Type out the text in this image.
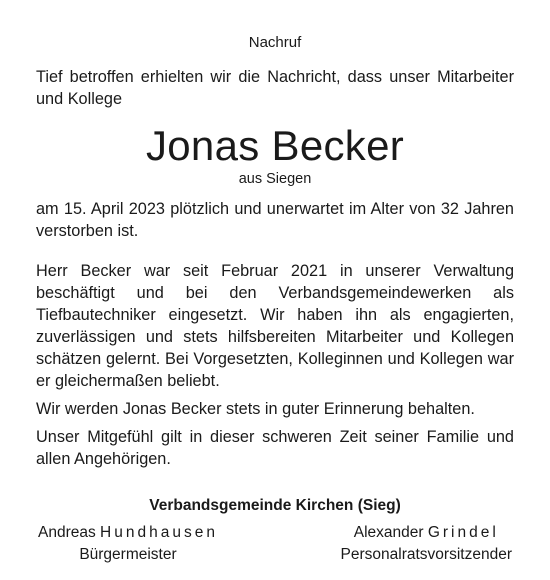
Nachruf

Tief betroffen erhielten wir die Nachricht, dass unser Mitarbeiter und Kollege

Jonas Becker

aus Siegen

am 15. April 2023 plötzlich und unerwartet im Alter von 32 Jahren verstorben ist.

Herr Becker war seit Februar 2021 in unserer Verwaltung beschäftigt und bei den Verbandsgemeindewerken als Tiefbautechniker eingesetzt. Wir haben ihn als engagierten, zuverlässigen und stets hilfsbereiten Mitarbeiter und Kollegen schätzen gelernt. Bei Vorgesetzten, Kolleginnen und Kollegen war er gleichermaßen beliebt.

Wir werden Jonas Becker stets in guter Erinnerung behalten.

Unser Mitgefühl gilt in dieser schweren Zeit seiner Familie und allen Angehörigen.

Verbandsgemeinde Kirchen (Sieg)

Andreas Hundhausen
Bürgermeister
Alexander Grindel
Personalratsvorsitzender
